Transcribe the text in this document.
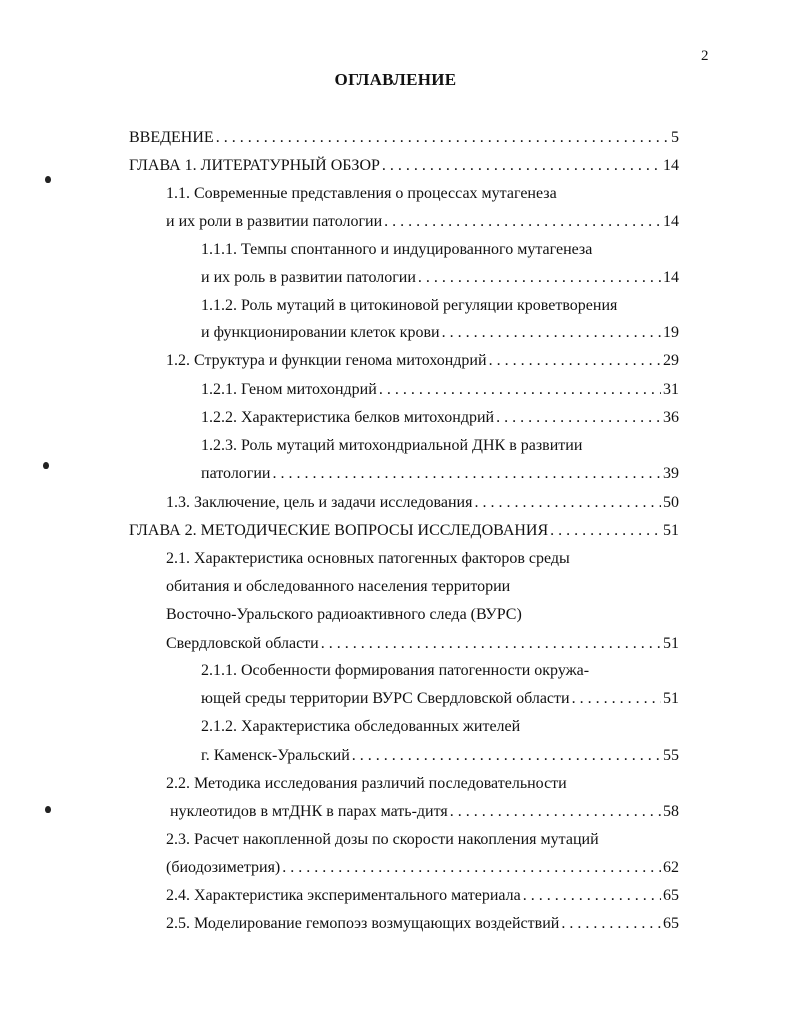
2
ОГЛАВЛЕНИЕ
ВВЕДЕНИЕ . . .	5
ГЛАВА 1. ЛИТЕРАТУРНЫЙ ОБЗОР . . .	14
1.1. Современные представления о процессах мутагенеза
и их роли в развитии патологии . . .	14
1.1.1. Темпы спонтанного и индуцированного мутагенеза
и их роль в развитии патологии . . .	14
1.1.2. Роль мутаций в цитокиновой регуляции кроветворения
и функционировании клеток крови . . .	19
1.2. Структура и функции генома митохондрий . . .	29
1.2.1. Геном митохондрий . . .	31
1.2.2. Характеристика белков митохондрий . . .	36
1.2.3. Роль мутаций митохондриальной ДНК в развитии
патологии . . .	39
1.3. Заключение, цель и задачи исследования . . .	50
ГЛАВА 2. МЕТОДИЧЕСКИЕ ВОПРОСЫ ИССЛЕДОВАНИЯ . . .	51
2.1. Характеристика основных патогенных факторов среды
обитания и обследованного населения территории
Восточно-Уральского радиоактивного следа (ВУРС)
Свердловской области . . .	51
2.1.1. Особенности формирования патогенности окружа-
ющей среды территории ВУРС Свердловской области . . .	51
2.1.2. Характеристика обследованных жителей
г. Каменск-Уральский . . .	55
2.2. Методика исследования различий последовательности
нуклеотидов в мтДНК в парах мать-дитя . . .	58
2.3. Расчет накопленной дозы по скорости накопления мутаций
(биодозиметрия) . . .	62
2.4. Характеристика экспериментального материала . . .	65
2.5. Моделирование гемопоэз возмущающих воздействий . . .	65
